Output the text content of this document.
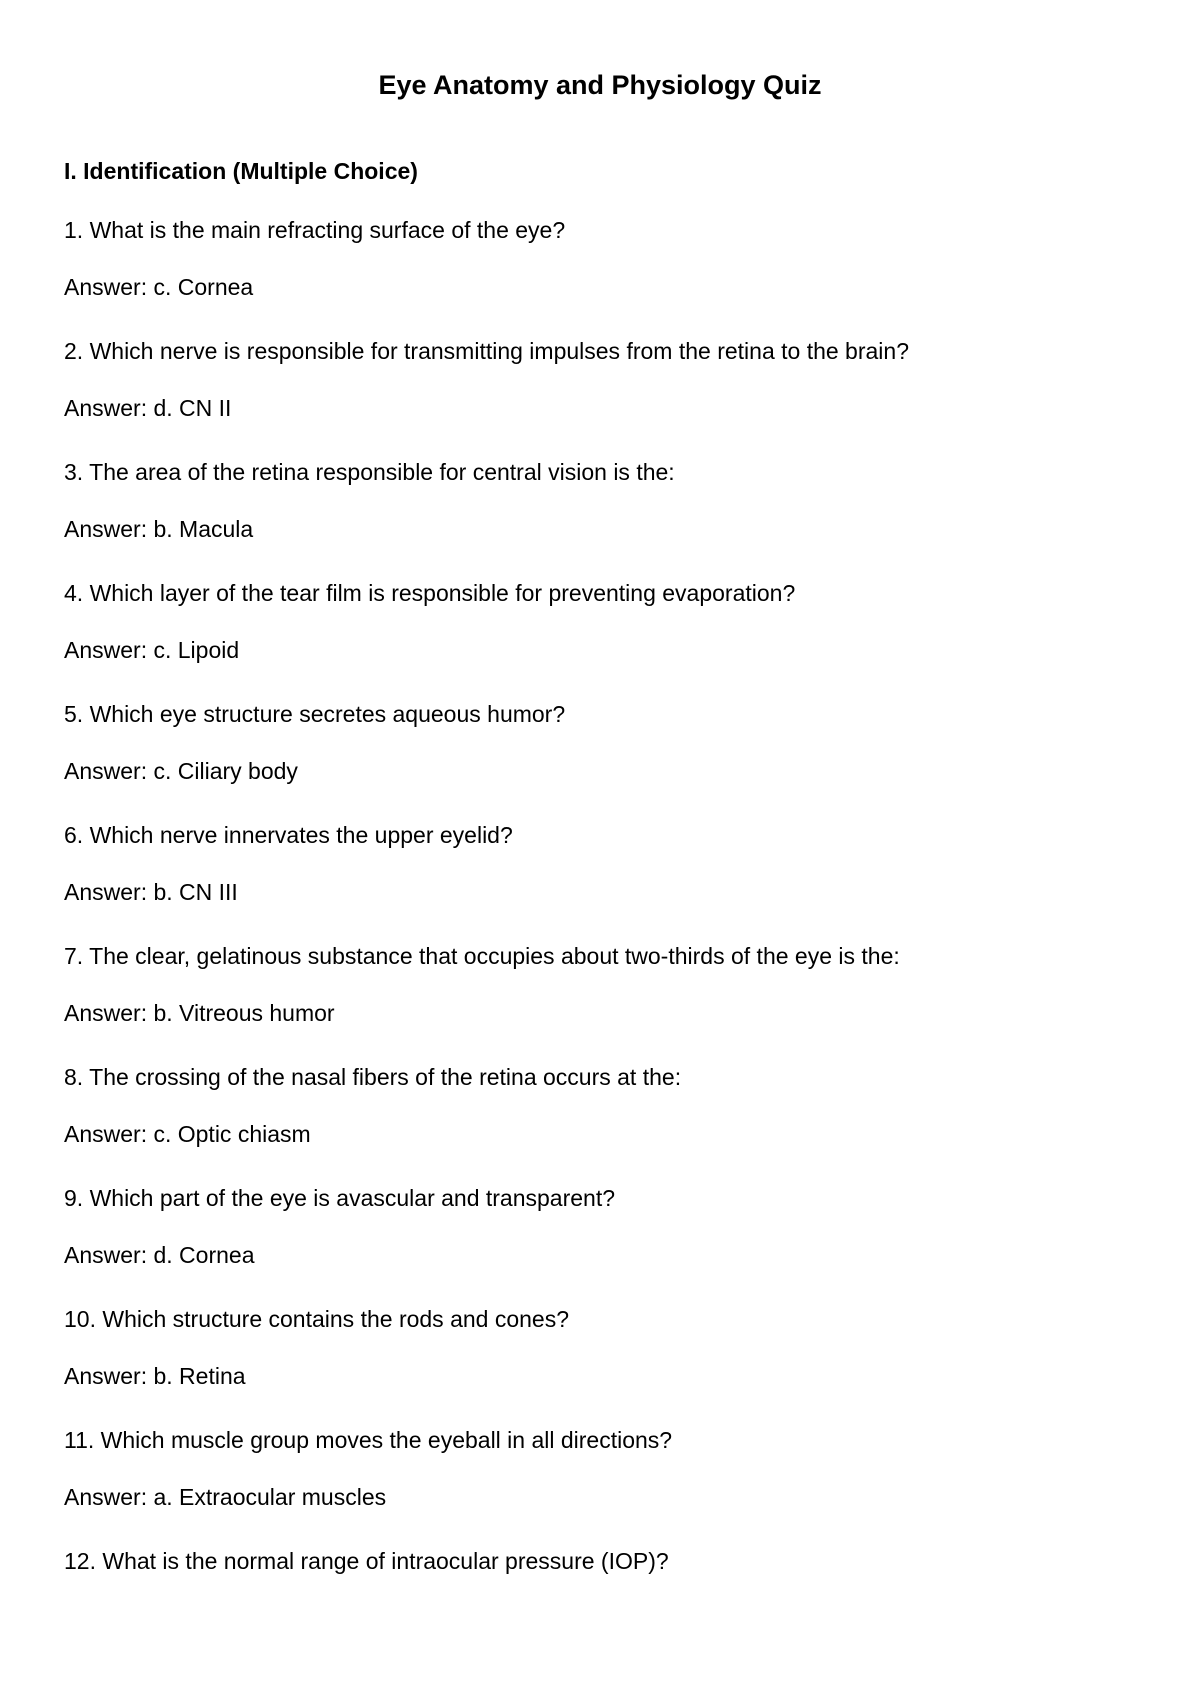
Eye Anatomy and Physiology Quiz
I. Identification (Multiple Choice)

1. What is the main refracting surface of the eye?

Answer: c. Cornea

2. Which nerve is responsible for transmitting impulses from the retina to the brain?

Answer: d. CN II

3. The area of the retina responsible for central vision is the:

Answer: b. Macula

4. Which layer of the tear film is responsible for preventing evaporation?

Answer: c. Lipoid

5. Which eye structure secretes aqueous humor?

Answer: c. Ciliary body

6. Which nerve innervates the upper eyelid?

Answer: b. CN III

7. The clear, gelatinous substance that occupies about two-thirds of the eye is the:

Answer: b. Vitreous humor

8. The crossing of the nasal fibers of the retina occurs at the:

Answer: c. Optic chiasm

9. Which part of the eye is avascular and transparent?

Answer: d. Cornea

10. Which structure contains the rods and cones?

Answer: b. Retina

11. Which muscle group moves the eyeball in all directions?

Answer: a. Extraocular muscles

12. What is the normal range of intraocular pressure (IOP)?
